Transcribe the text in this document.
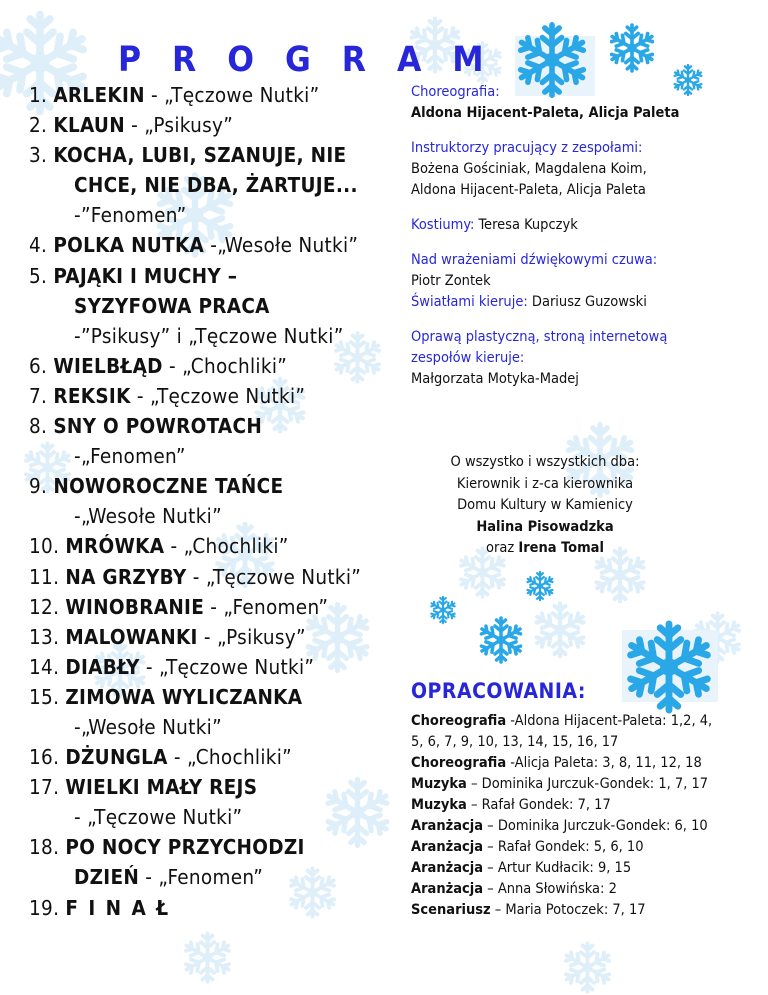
P R O G R A M
1. ARLEKIN - „Tęczowe Nutki”
2. KLAUN - „Psikusy”
3. KOCHA, LUBI, SZANUJE, NIE
CHCE, NIE DBA, ŻARTUJE...
-”Fenomen”
4. POLKA NUTKA -„Wesołe Nutki”
5. PAJĄKI I MUCHY –
SYZYFOWA PRACA
-”Psikusy” i „Tęczowe Nutki”
6. WIELBŁĄD - „Chochliki”
7. REKSIK - „Tęczowe Nutki”
8. SNY O POWROTACH
-„Fenomen”
9. NOWOROCZNE TAŃCE
-„Wesołe Nutki”
10. MRÓWKA - „Chochliki”
11. NA GRZYBY - „Tęczowe Nutki”
12. WINOBRANIE - „Fenomen”
13. MALOWANKI - „Psikusy”
14. DIABŁY - „Tęczowe Nutki”
15. ZIMOWA WYLICZANKA
-„Wesołe Nutki”
16. DŻUNGLA - „Chochliki”
17. WIELKI MAŁY REJS
- „Tęczowe Nutki”
18. PO NOCY PRZYCHODZI
DZIEŃ - „Fenomen”
19. F I N A Ł
Choreografia:
Aldona Hijacent-Paleta, Alicja Paleta
Instruktorzy pracujący z zespołami:
Bożena Gościniak, Magdalena Koim,
Aldona Hijacent-Paleta, Alicja Paleta
Kostiumy: Teresa Kupczyk
Nad wrażeniami dźwiękowymi czuwa:
Piotr Zontek
Światłami kieruje: Dariusz Guzowski
Oprawą plastyczną, stroną internetową
zespołów kieruje:
Małgorzata Motyka-Madej
O wszystko i wszystkich dba:
Kierownik i z-ca kierownika
Domu Kultury w Kamienicy
Halina Pisowadzka
oraz Irena Tomal
OPRACOWANIA:
Choreografia -Aldona Hijacent-Paleta: 1,2, 4,
5, 6, 7, 9, 10, 13, 14, 15, 16, 17
Choreografia -Alicja Paleta: 3, 8, 11, 12, 18
Muzyka – Dominika Jurczuk-Gondek: 1, 7, 17
Muzyka – Rafał Gondek: 7, 17
Aranżacja – Dominika Jurczuk-Gondek: 6, 10
Aranżacja – Rafał Gondek: 5, 6, 10
Aranżacja – Artur Kudłacik: 9, 15
Aranżacja – Anna Słowińska: 2
Scenariusz – Maria Potoczek: 7, 17
